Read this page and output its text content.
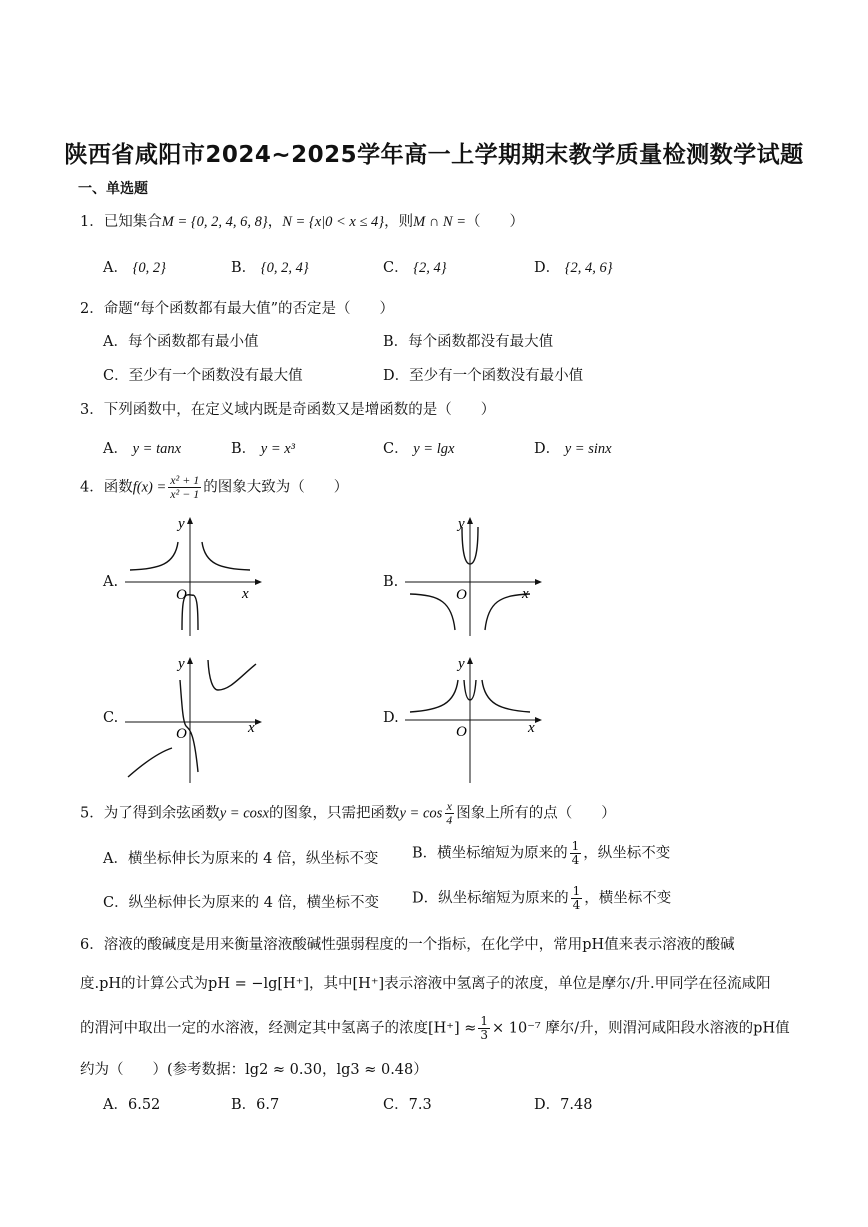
陕西省咸阳市2024~2025学年高一上学期期末教学质量检测数学试题
一、单选题
1．已知集合M = {0, 2, 4, 6, 8}，N = {x|0 < x ≤ 4}，则M ∩ N =（　　）
A． {0, 2}	B． {0, 2, 4}	C． {2, 4}	D． {2, 4, 6}
2．命题“每个函数都有最大值”的否定是（　　）
A．每个函数都有最小值	B．每个函数都没有最大值
C．至少有一个函数没有最大值	D．至少有一个函数没有最小值
3．下列函数中，在定义域内既是奇函数又是增函数的是（　　）
A． y = tanx	B． y = x³	C． y = lgx	D． y = sinx
4．函数$f(x) = \frac{\text{x² + 1}}{\text{x² − 1}}$ 的图象大致为（　　）
A.	B.
C.	D.
x
y
O	x
y
O
x
y
O	x
y
O
5．为了得到余弦函数y = cosx的图象，只需把函数$y = \cos \frac{x}{4}$ 图象上所有的点（　　）
A．横坐标伸长为原来的 4 倍，纵坐标不变 B．横坐标缩短为原来的 $\frac{1}{4}$ ，纵坐标不变
C．纵坐标伸长为原来的 4 倍，横坐标不变 D．纵坐标缩短为原来的 $\frac{1}{4}$ ，横坐标不变
6．溶液的酸碱度是用来衡量溶液酸碱性强弱程度的一个指标，在化学中，常用pH值来表示溶液的酸碱
度.pH的计算公式为pH = −lg[H⁺]，其中[H⁺]表示溶液中氢离子的浓度，单位是摩尔/升.甲同学在径流咸阳
的渭河中取出一定的水溶液，经测定其中氢离子的浓度$[H^+] \approx \frac{1}{3} \times 10^{-7}$ 摩尔/升，则渭河咸阳段水溶液的pH值
约为（　　）(参考数据：lg2 ≈ 0.30，lg3 ≈ 0.48）
A．6.52	B．6.7	C．7.3	D．7.48
